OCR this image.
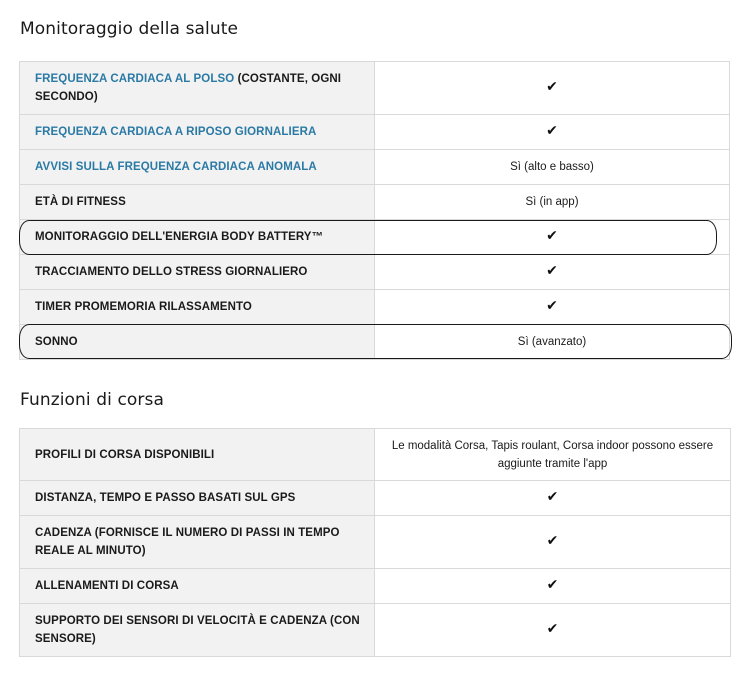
Monitoraggio della salute
FREQUENZA CARDIACA AL POLSO (COSTANTE, OGNI SECONDO)	✔
FREQUENZA CARDIACA A RIPOSO GIORNALIERA	✔
AVVISI SULLA FREQUENZA CARDIACA ANOMALA	Sì (alto e basso)
ETÀ DI FITNESS	Sì (in app)
MONITORAGGIO DELL'ENERGIA BODY BATTERY™	✔
TRACCIAMENTO DELLO STRESS GIORNALIERO	✔
TIMER PROMEMORIA RILASSAMENTO	✔
SONNO	Sì (avanzato)
Funzioni di corsa
PROFILI DI CORSA DISPONIBILI	Le modalità Corsa, Tapis roulant, Corsa indoor possono essere aggiunte tramite l'app
DISTANZA, TEMPO E PASSO BASATI SUL GPS	✔
CADENZA (FORNISCE IL NUMERO DI PASSI IN TEMPO REALE AL MINUTO)	✔
ALLENAMENTI DI CORSA	✔
SUPPORTO DEI SENSORI DI VELOCITÀ E CADENZA (CON SENSORE)	✔
